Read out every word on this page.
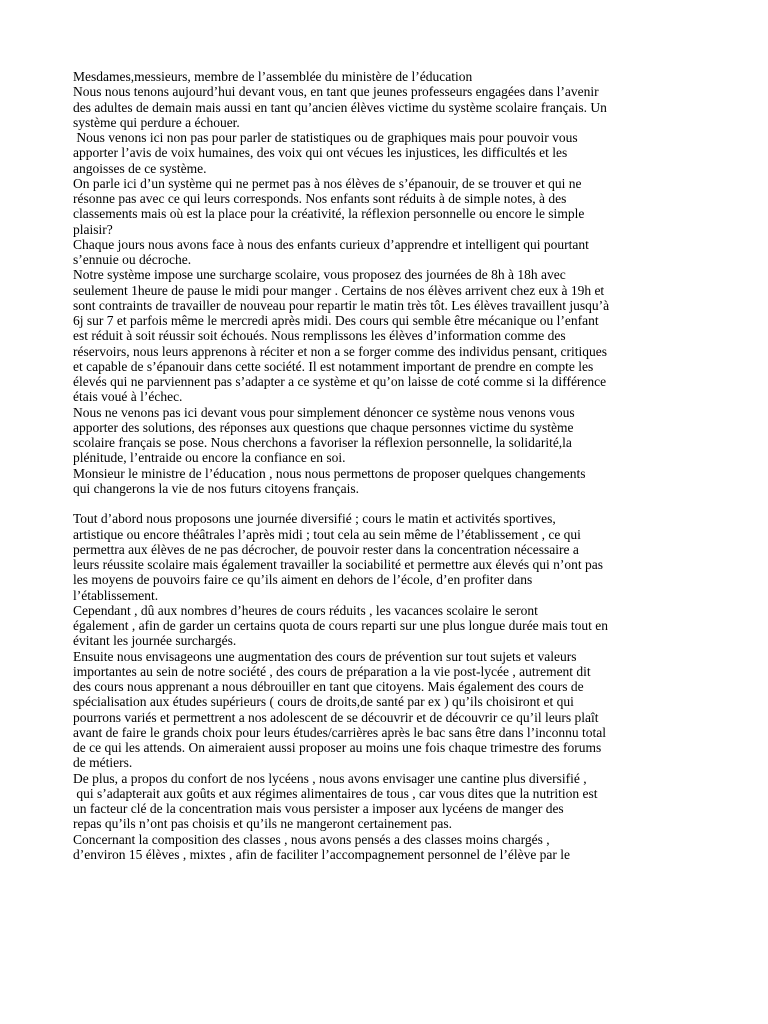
Mesdames,messieurs, membre de l’assemblée du ministère de l’éducation
Nous nous tenons aujourd’hui devant vous, en tant que jeunes professeurs engagées dans l’avenir
des adultes de demain mais aussi en tant qu’ancien élèves victime du système scolaire français. Un
système qui perdure a échouer.
Nous venons ici non pas pour parler de statistiques ou de graphiques mais pour pouvoir vous
apporter l’avis de voix humaines, des voix qui ont vécues les injustices, les difficultés et les
angoisses de ce système.
On parle ici d’un système qui ne permet pas à nos élèves de s’épanouir, de se trouver et qui ne
résonne pas avec ce qui leurs corresponds. Nos enfants sont réduits à de simple notes, à des
classements mais où est la place pour la créativité, la réflexion personnelle ou encore le simple
plaisir?
Chaque jours nous avons face à nous des enfants curieux d’apprendre et intelligent qui pourtant
s’ennuie ou décroche.
Notre système impose une surcharge scolaire, vous proposez des journées de 8h à 18h avec
seulement 1heure de pause le midi pour manger . Certains de nos élèves arrivent chez eux à 19h et
sont contraints de travailler de nouveau pour repartir le matin très tôt. Les élèves travaillent jusqu’à
6j sur 7 et parfois même le mercredi après midi. Des cours qui semble être mécanique ou l’enfant
est réduit à soit réussir soit échoués. Nous remplissons les élèves d’information comme des
réservoirs, nous leurs apprenons à réciter et non a se forger comme des individus pensant, critiques
et capable de s’épanouir dans cette société. Il est notamment important de prendre en compte les
élevés qui ne parviennent pas s’adapter a ce système et qu’on laisse de coté comme si la différence
étais voué à l’échec.
Nous ne venons pas ici devant vous pour simplement dénoncer ce système nous venons vous
apporter des solutions, des réponses aux questions que chaque personnes victime du système
scolaire français se pose. Nous cherchons a favoriser la réflexion personnelle, la solidarité,la
plénitude, l’entraide ou encore la confiance en soi.
Monsieur le ministre de l’éducation , nous nous permettons de proposer quelques changements
qui changerons la vie de nos futurs citoyens français.
Tout d’abord nous proposons une journée diversifié ; cours le matin et activités sportives,
artistique ou encore théâtrales l’après midi ; tout cela au sein même de l’établissement , ce qui
permettra aux élèves de ne pas décrocher, de pouvoir rester dans la concentration nécessaire a
leurs réussite scolaire mais également travailler la sociabilité et permettre aux élevés qui n’ont pas
les moyens de pouvoirs faire ce qu’ils aiment en dehors de l’école, d’en profiter dans
l’établissement.
Cependant , dû aux nombres d’heures de cours réduits , les vacances scolaire le seront
également , afin de garder un certains quota de cours reparti sur une plus longue durée mais tout en
évitant les journée surchargés.
Ensuite nous envisageons une augmentation des cours de prévention sur tout sujets et valeurs
importantes au sein de notre société , des cours de préparation a la vie post-lycée , autrement dit
des cours nous apprenant a nous débrouiller en tant que citoyens. Mais également des cours de
spécialisation aux études supérieurs ( cours de droits,de santé par ex ) qu’ils choisiront et qui
pourrons variés et permettrent a nos adolescent de se découvrir et de découvrir ce qu’il leurs plaît
avant de faire le grands choix pour leurs études/carrières après le bac sans être dans l’inconnu total
de ce qui les attends. On aimeraient aussi proposer au moins une fois chaque trimestre des forums
de métiers.
De plus, a propos du confort de nos lycéens , nous avons envisager une cantine plus diversifié ,
qui s’adapterait aux goûts et aux régimes alimentaires de tous , car vous dites que la nutrition est
un facteur clé de la concentration mais vous persister a imposer aux lycéens de manger des
repas qu’ils n’ont pas choisis et qu’ils ne mangeront certainement pas.
Concernant la composition des classes , nous avons pensés a des classes moins chargés ,
d’environ 15 élèves , mixtes , afin de faciliter l’accompagnement personnel de l’élève par le
